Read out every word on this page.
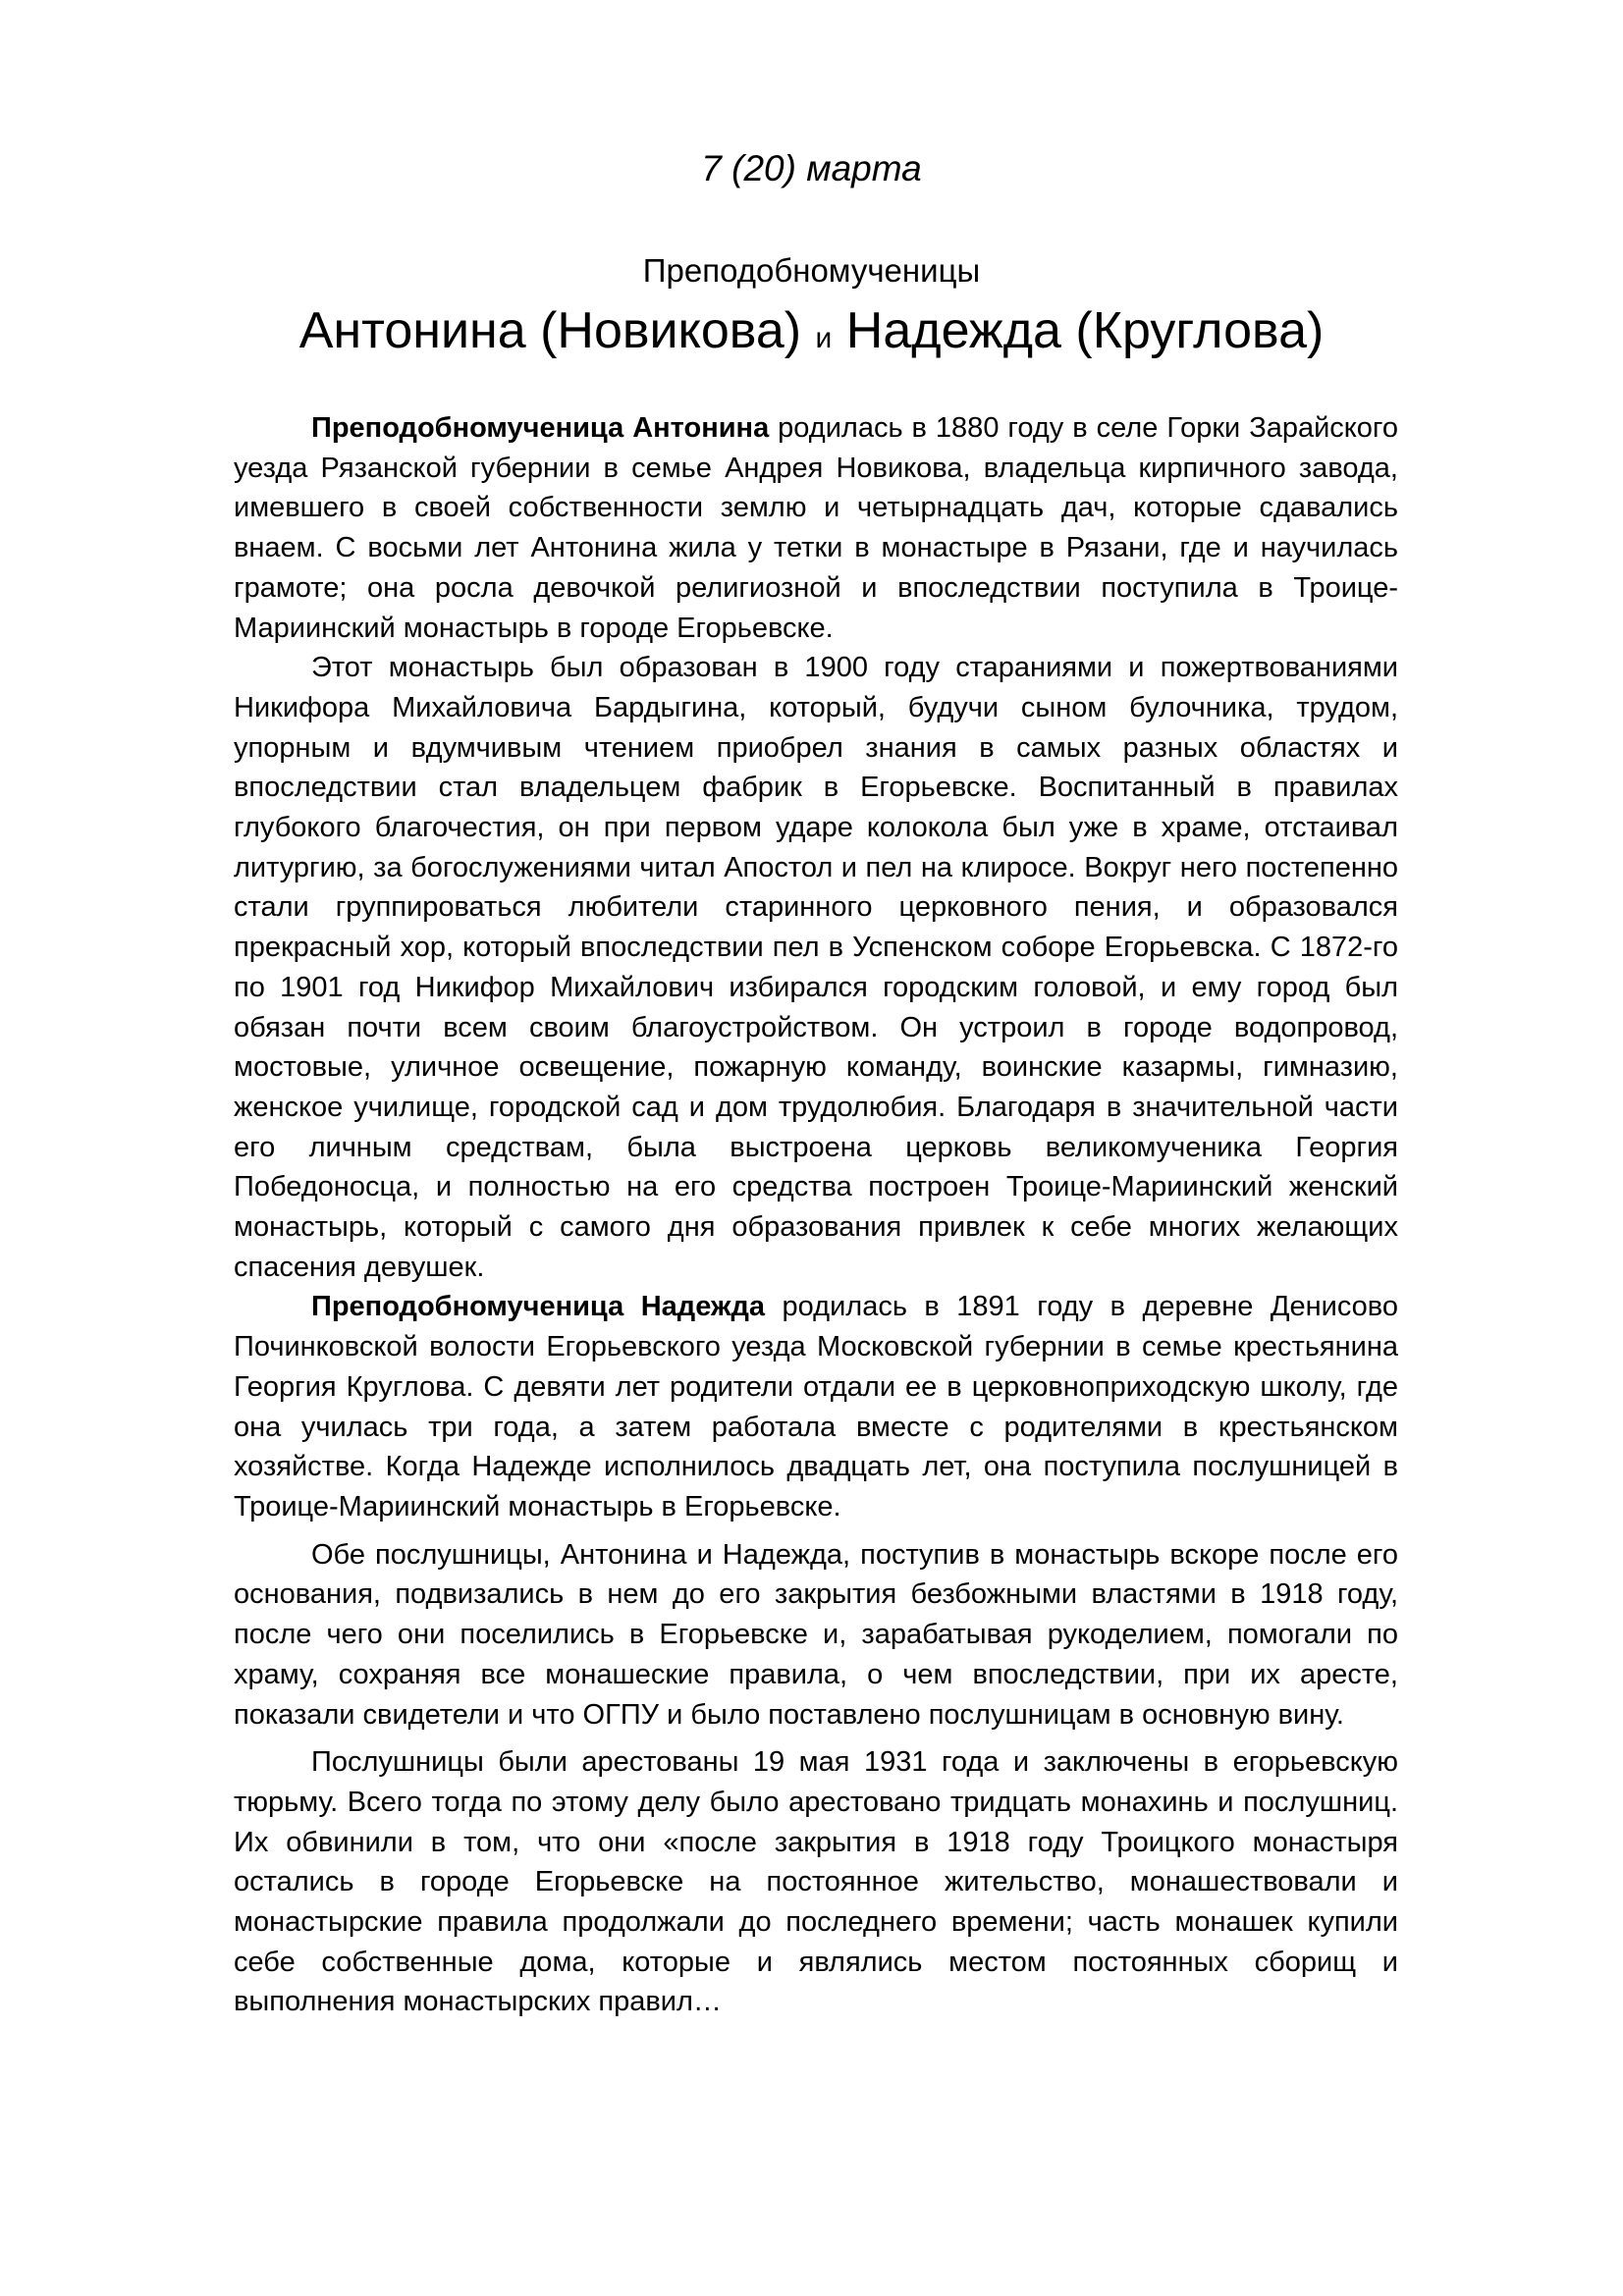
7 (20) марта
Преподобномученицы
Антонина (Новикова) и Надежда (Круглова)

Преподобномученица Антонина родилась в 1880 году в селе Горки Зарайского уезда Рязанской губернии в семье Андрея Новикова, владельца кирпичного завода, имевшего в своей собственности землю и четырнадцать дач, которые сдавались внаем. С восьми лет Антонина жила у тетки в монастыре в Рязани, где и научилась грамоте; она росла девочкой религиозной и впоследствии поступила в Троице-Мариинский монастырь в городе Егорьевске.

Этот монастырь был образован в 1900 году стараниями и пожертвованиями Никифора Михайловича Бардыгина, который, будучи сыном булочника, трудом, упорным и вдумчивым чтением приобрел знания в самых разных областях и впоследствии стал владельцем фабрик в Егорьевске. Воспитанный в правилах глубокого благочестия, он при первом ударе колокола был уже в храме, отстаивал литургию, за богослужениями читал Апостол и пел на клиросе. Вокруг него постепенно стали группироваться любители старинного церковного пения, и образовался прекрасный хор, который впоследствии пел в Успенском соборе Егорьевска. С 1872-го по 1901 год Никифор Михайлович избирался городским головой, и ему город был обязан почти всем своим благоустройством. Он устроил в городе водопровод, мостовые, уличное освещение, пожарную команду, воинские казармы, гимназию, женское училище, городской сад и дом трудолюбия. Благодаря в значительной части его личным средствам, была выстроена церковь великомученика Георгия Победоносца, и полностью на его средства построен Троице-Мариинский женский монастырь, который с самого дня образования привлек к себе многих желающих спасения девушек.

Преподобномученица Надежда родилась в 1891 году в деревне Денисово Починковской волости Егорьевского уезда Московской губернии в семье крестьянина Георгия Круглова. С девяти лет родители отдали ее в церковноприходскую школу, где она училась три года, а затем работала вместе с родителями в крестьянском хозяйстве. Когда Надежде исполнилось двадцать лет, она поступила послушницей в Троице-Мариинский монастырь в Егорьевске.

Обе послушницы, Антонина и Надежда, поступив в монастырь вскоре после его основания, подвизались в нем до его закрытия безбожными властями в 1918 году, после чего они поселились в Егорьевске и, зарабатывая рукоделием, помогали по храму, сохраняя все монашеские правила, о чем впоследствии, при их аресте, показали свидетели и что ОГПУ и было поставлено послушницам в основную вину.

Послушницы были арестованы 19 мая 1931 года и заключены в егорьевскую тюрьму. Всего тогда по этому делу было арестовано тридцать монахинь и послушниц. Их обвинили в том, что они «после закрытия в 1918 году Троицкого монастыря остались в городе Егорьевске на постоянное жительство, монашествовали и монастырские правила продолжали до последнего времени; часть монашек купили себе собственные дома, которые и являлись местом постоянных сборищ и выполнения монастырских правил…
